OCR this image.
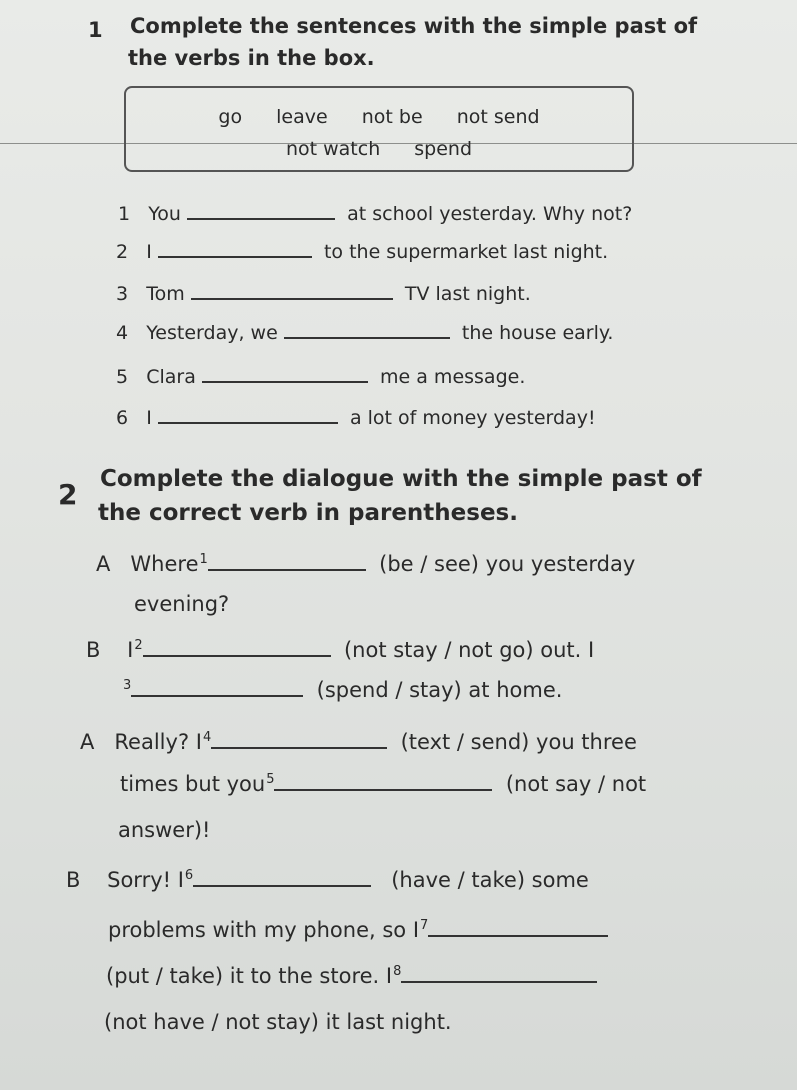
1 Complete the sentences with the simple past of
the verbs in the box.
go leave not be not send
not watch spend
1 You	at school yesterday. Why not?
2 I	to the supermarket last night.
3 Tom	TV last night.
4 Yesterday, we	the house early.
5 Clara	me a message.
6 I	a lot of money yesterday!
2 Complete the dialogue with the simple past of
the correct verb in parentheses.
A Where$^1$	(be / see) you yesterday
evening?
B $I^2$	(not stay / not go) out. I
$^3$	(spend / stay) at home.
A Really? $I^4$	(text / send) you three
times but you$^5$	(not say / not
answer)!
B Sorry! $I^6$	(have / take) some
problems with my phone, so $I^7$
(put / take) it to the store. $I^8$
(not have / not stay) it last night.
